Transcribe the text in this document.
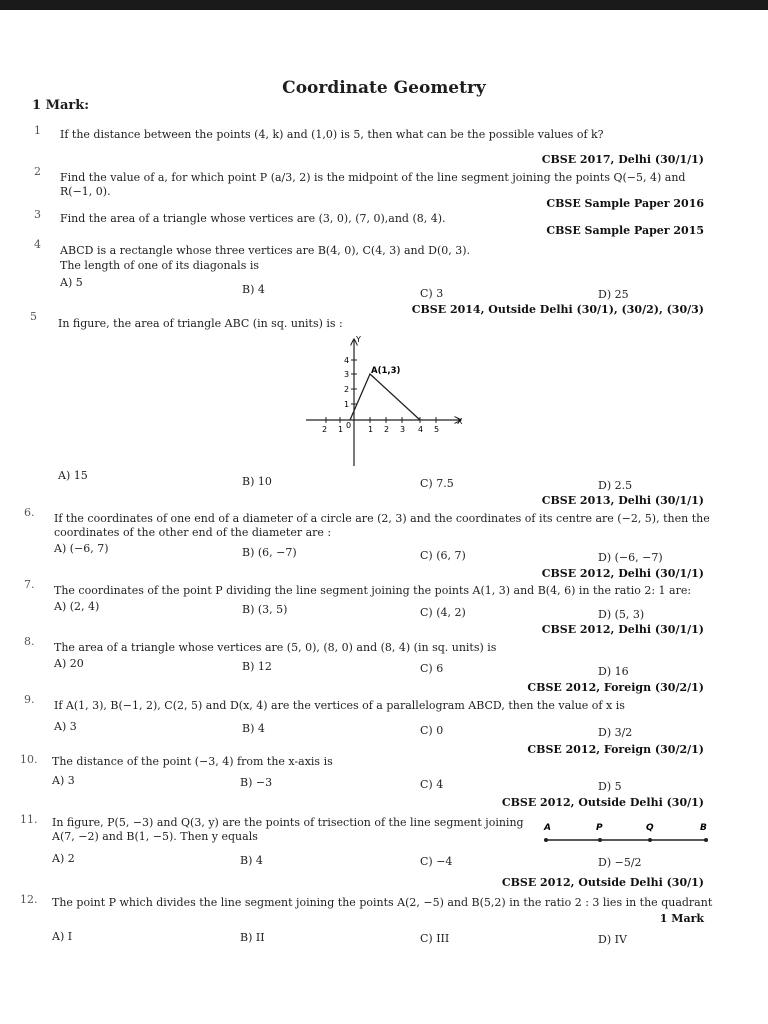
Coordinate Geometry
1 Mark:
1 If the distance between the points (4, k) and (1,0) is 5, then what can be the possible values of k?
CBSE 2017, Delhi (30/1/1)
2 Find the value of a, for which point P (a/3, 2) is the midpoint of the line segment joining the points Q(−5, 4) and R(−1, 0).
CBSE Sample Paper 2016
3 Find the area of a triangle whose vertices are (3, 0), (7, 0),and (8, 4).
CBSE Sample Paper 2015
4 ABCD is a rectangle whose three vertices are B(4, 0), C(4, 3) and D(0, 3).
The length of one of its diagonals is
A) 5
B) 4	C) 3	D) 25
CBSE 2014, Outside Delhi (30/1), (30/2), (30/3)
5
In figure, the area of triangle ABC (in sq. units) is :
Y
X
2 1 0 1 2 3 4 5
4
3
2
1
A(1,3)
A) 15	B) 10	C) 7.5	D) 2.5
CBSE 2013, Delhi (30/1/1)
6. If the coordinates of one end of a diameter of a circle are (2, 3) and the coordinates of its centre are (−2, 5), then the
coordinates of the other end of the diameter are :
A) (−6, 7)	B) (6, −7)	C) (6, 7)	D) (−6, −7)
CBSE 2012, Delhi (30/1/1)
7. The coordinates of the point P dividing the line segment joining the points A(1, 3) and B(4, 6) in the ratio 2: 1 are:
A) (2, 4)	B) (3, 5)	C) (4, 2)	D) (5, 3)
CBSE 2012, Delhi (30/1/1)
8. The area of a triangle whose vertices are (5, 0), (8, 0) and (8, 4) (in sq. units) is
A) 20	B) 12	C) 6	D) 16
CBSE 2012, Foreign (30/2/1)
9. If A(1, 3), B(−1, 2), C(2, 5) and D(x, 4) are the vertices of a parallelogram ABCD, then the value of x is
A) 3	B) 4	C) 0	D) 3/2
CBSE 2012, Foreign (30/2/1)
10. The distance of the point (−3, 4) from the x-axis is
A) 3	B) −3	C) 4	D) 5
CBSE 2012, Outside Delhi (30/1)
11. In figure, P(5, −3) and Q(3, y) are the points of trisection of the line segment joining
A(7, −2) and B(1, −5). Then y equals
A	P	Q	B
A) 2	B) 4	C) −4	D) −5/2
CBSE 2012, Outside Delhi (30/1)
12. The point P which divides the line segment joining the points A(2, −5) and B(5,2) in the ratio 2 : 3 lies in the quadrant
1 Mark
A) I	B) II	C) III	D) IV
